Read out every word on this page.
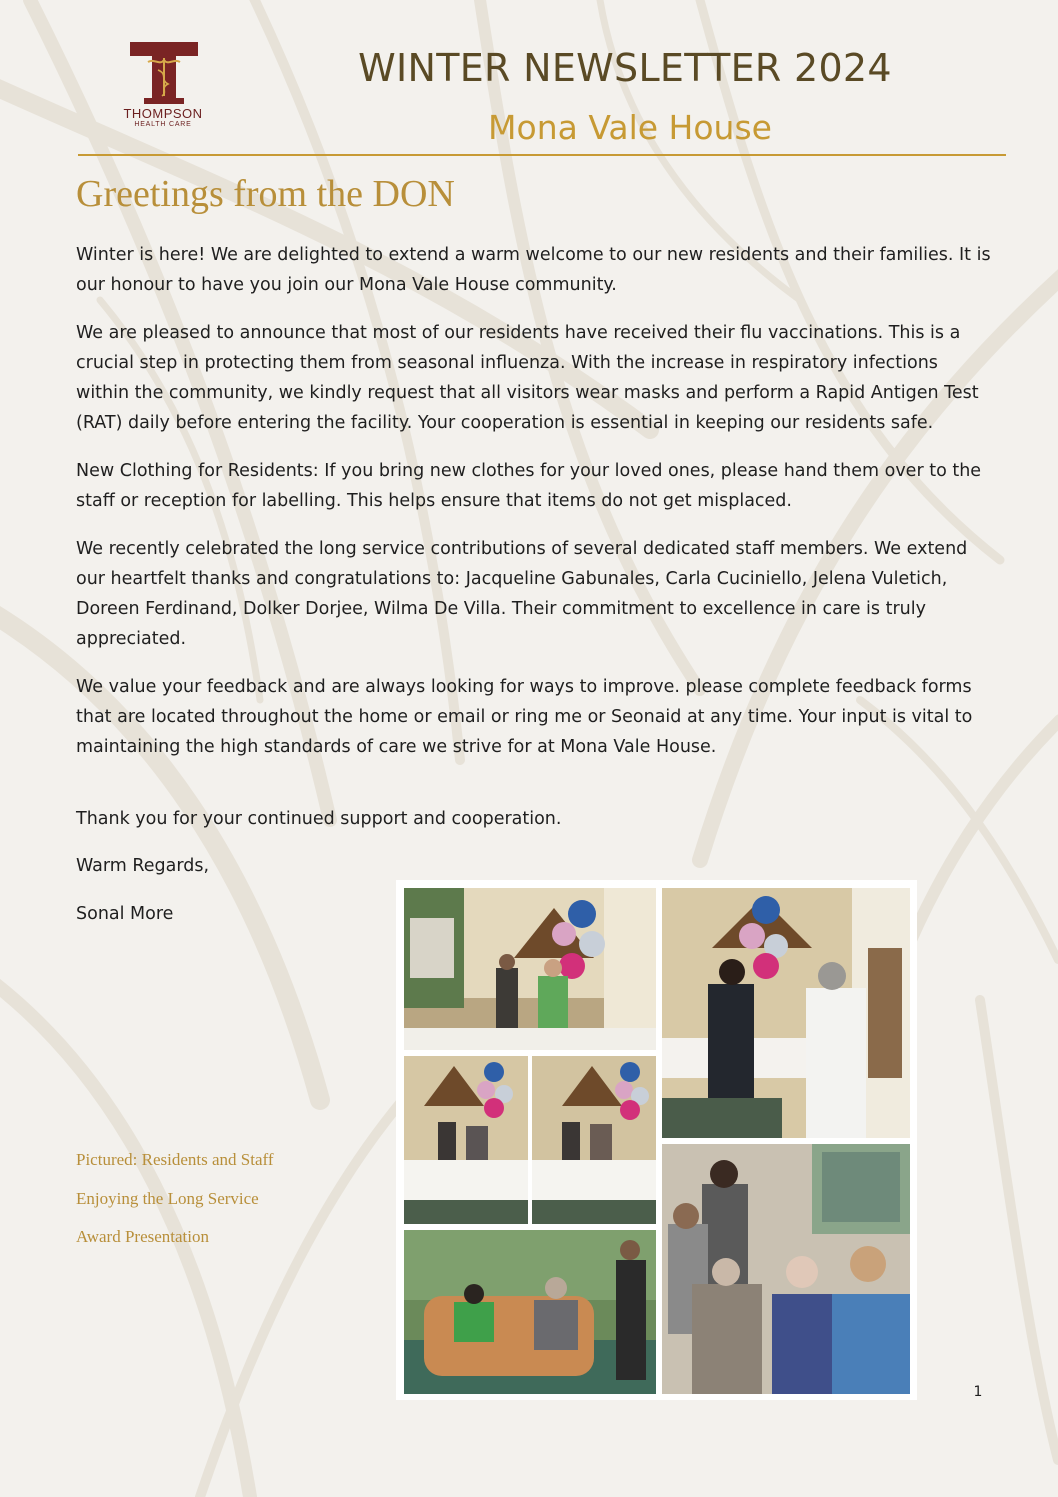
THOMPSON
HEALTH CARE
WINTER NEWSLETTER 2024
Mona Vale House
Greetings from the DON

Winter is here! We are delighted to extend a warm welcome to our new residents and their families. It is our honour to have you join our Mona Vale House community.

We are pleased to announce that most of our residents have received their flu vaccinations. This is a crucial step in protecting them from seasonal influenza. With the increase in respiratory infections within the community, we kindly request that all visitors wear masks and perform a Rapid Antigen Test (RAT) daily before entering the facility. Your cooperation is essential in keeping our residents safe.

New Clothing for Residents: If you bring new clothes for your loved ones, please hand them over to the staff or reception for labelling. This helps ensure that items do not get misplaced.

We recently celebrated the long service contributions of several dedicated staff members. We extend our heartfelt thanks and congratulations to: Jacqueline Gabunales, Carla Cuciniello, Jelena Vuletich, Doreen Ferdinand, Dolker Dorjee, Wilma De Villa. Their commitment to excellence in care is truly appreciated.

We value your feedback and are always looking for ways to improve. please complete feedback forms that are located throughout the home or email or ring me or Seonaid at any time. Your input is vital to maintaining the high standards of care we strive for at Mona Vale House.

Thank you for your continued support and cooperation.

Warm Regards,

Sonal More

Pictured: Residents and Staff
Enjoying the Long Service
Award Presentation
1
